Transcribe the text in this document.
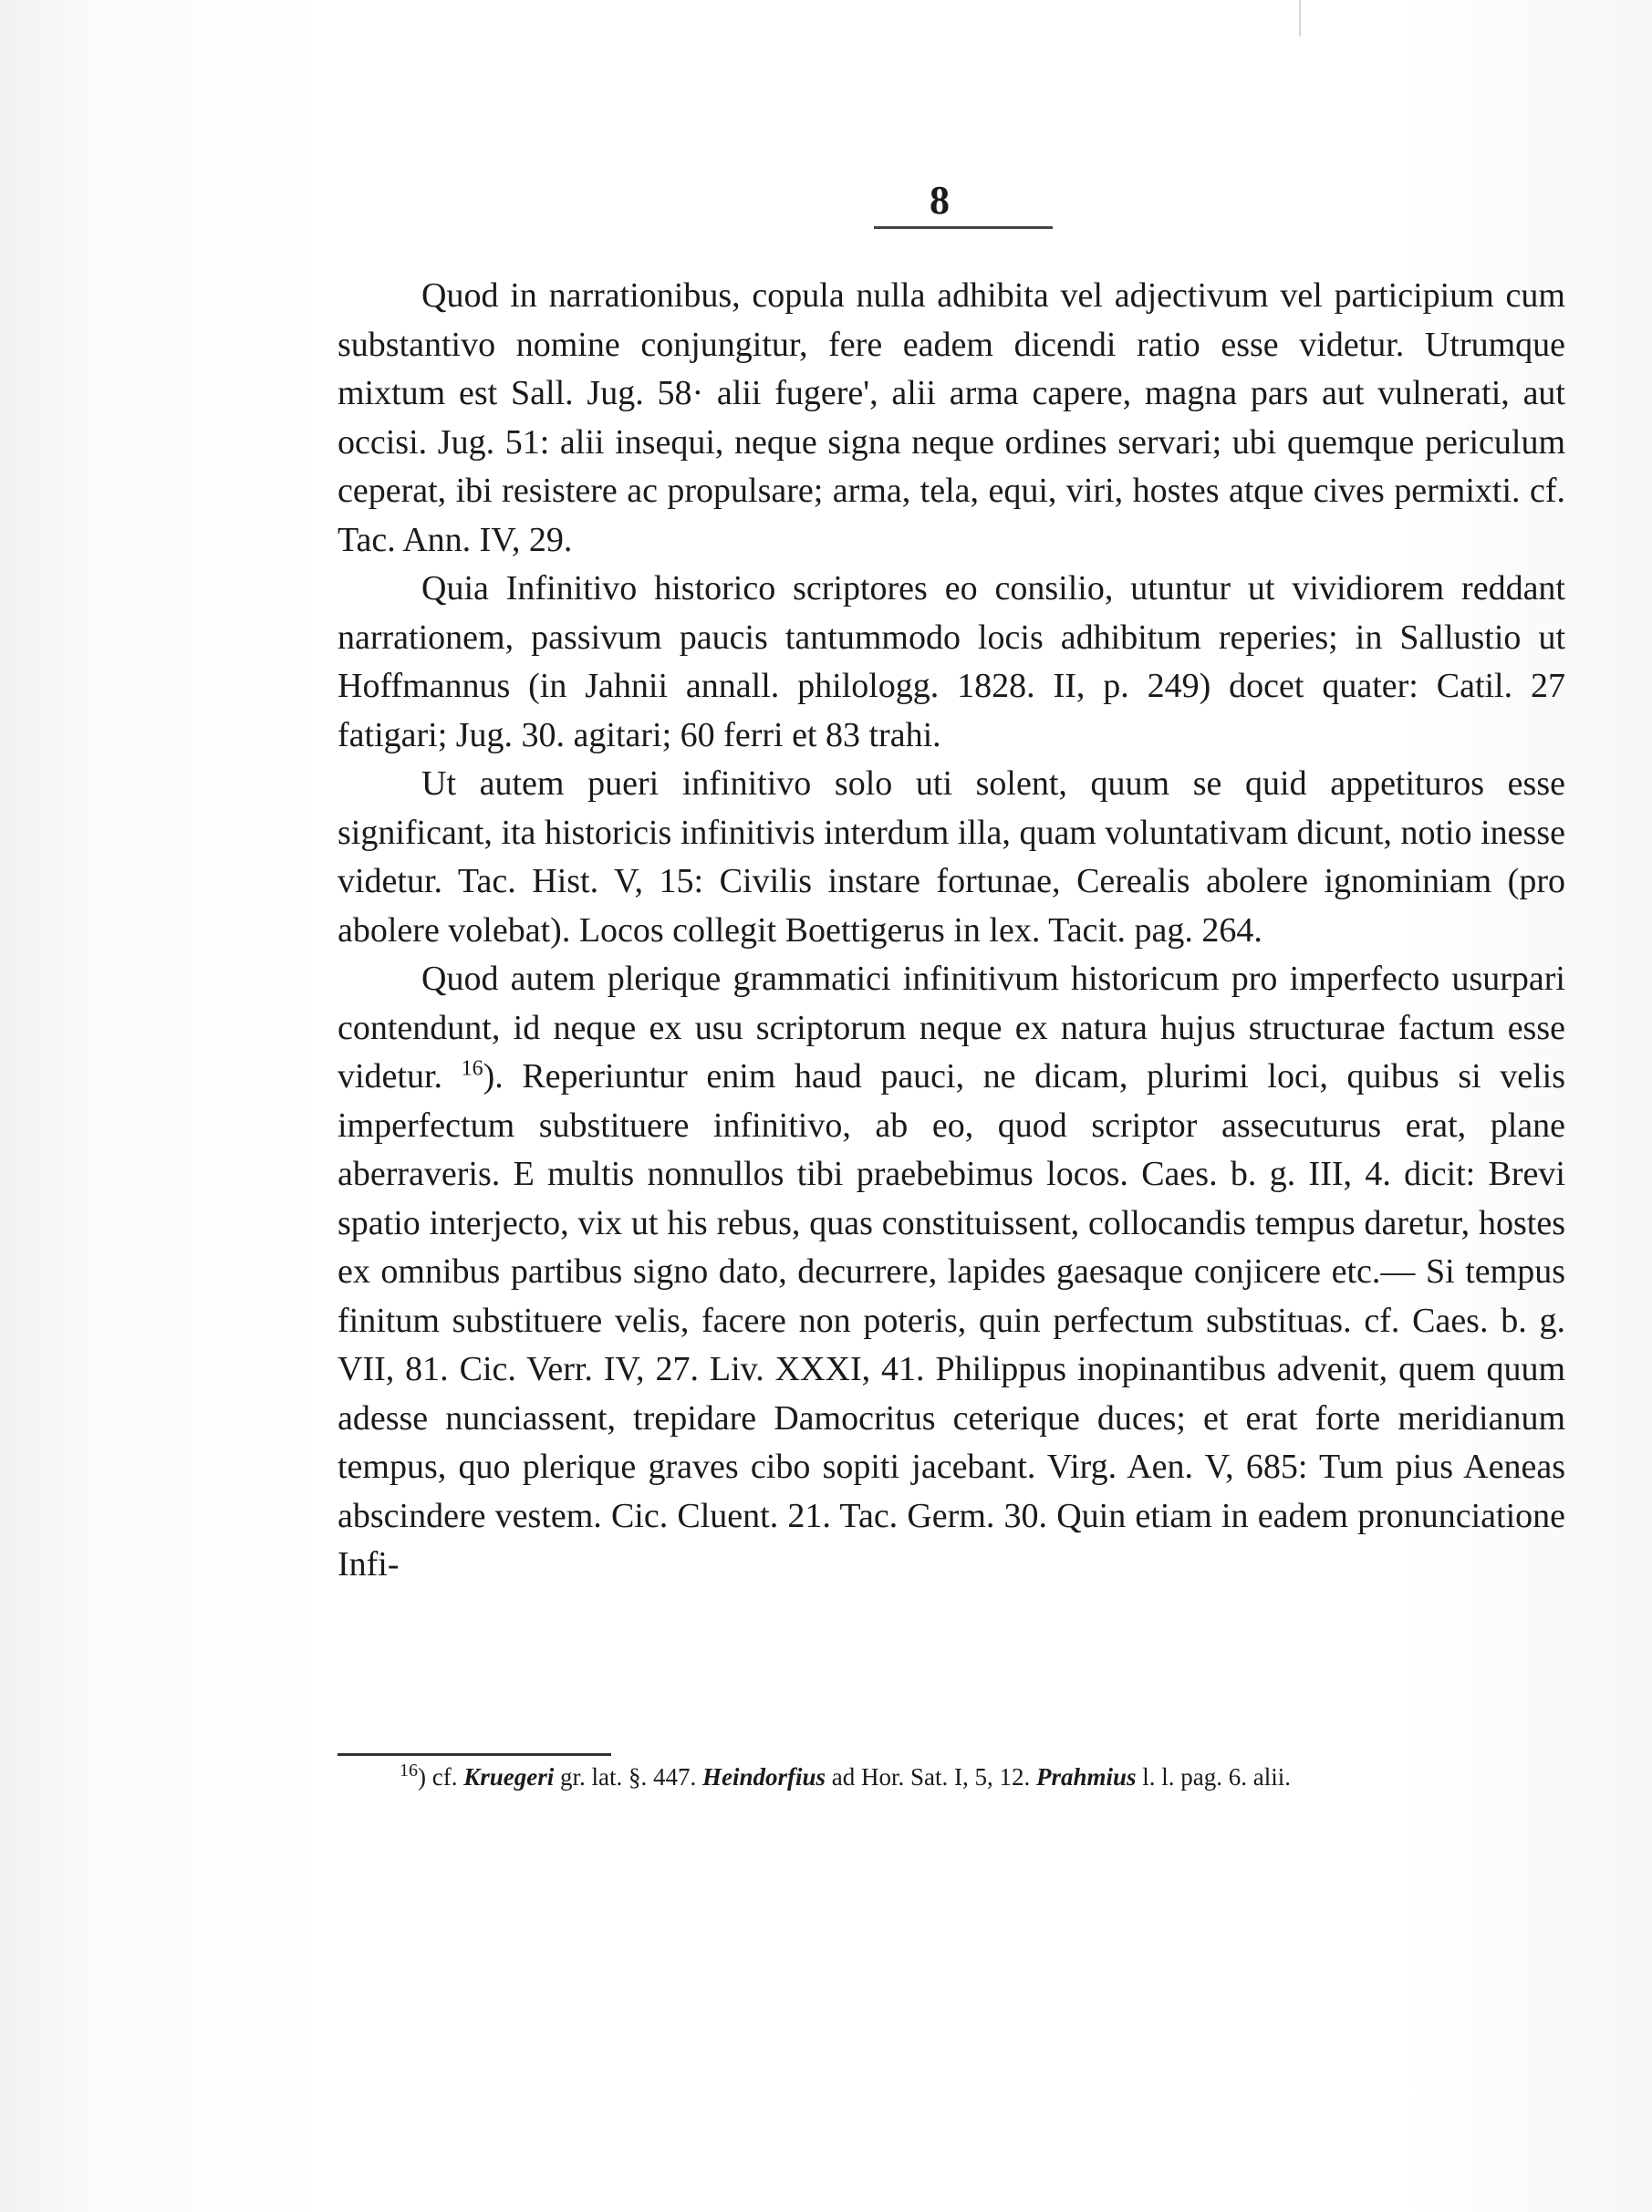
8

Quod in narrationibus, copula nulla adhibita vel adjectivum vel participium cum substantivo nomine conjungitur, fere eadem dicendi ratio esse videtur. Utrumque mixtum est Sall. Jug. 58· alii fugere', alii arma capere, magna pars aut vulnerati, aut occisi. Jug. 51: alii insequi, neque signa neque ordines servari; ubi quemque periculum ceperat, ibi resistere ac propulsare; arma, tela, equi, viri, hostes atque cives permixti. cf. Tac. Ann. IV, 29.

Quia Infinitivo historico scriptores eo consilio, utuntur ut vividiorem reddant narrationem, passivum paucis tantummodo locis adhibitum reperies; in Sallustio ut Hoffmannus (in Jahnii annall. philologg. 1828. II, p. 249) docet quater: Catil. 27 fatigari; Jug. 30. agitari; 60 ferri et 83 trahi.

Ut autem pueri infinitivo solo uti solent, quum se quid appetituros esse significant, ita historicis infinitivis interdum illa, quam voluntativam dicunt, notio inesse videtur. Tac. Hist. V, 15: Civilis instare fortunae, Cerealis abolere ignominiam (pro abolere volebat). Locos collegit Boettigerus in lex. Tacit. pag. 264.

Quod autem plerique grammatici infinitivum historicum pro imperfecto usurpari contendunt, id neque ex usu scriptorum neque ex natura hujus structurae factum esse videtur. $^{16}$). Reperiuntur enim haud pauci, ne dicam, plurimi loci, quibus si velis imperfectum substituere infinitivo, ab eo, quod scriptor assecuturus erat, plane aberraveris. E multis nonnullos tibi praebebimus locos. Caes. b. g. III, 4. dicit: Brevi spatio interjecto, vix ut his rebus, quas constituissent, collocandis tempus daretur, hostes ex omnibus partibus signo dato, decurrere, lapides gaesaque conjicere etc.— Si tempus finitum substituere velis, facere non poteris, quin perfectum substituas. cf. Caes. b. g. VII, 81. Cic. Verr. IV, 27. Liv. XXXI, 41. Philippus inopinantibus advenit, quem quum adesse nunciassent, trepidare Damocritus ceterique duces; et erat forte meridianum tempus, quo plerique graves cibo sopiti jacebant. Virg. Aen. V, 685: Tum pius Aeneas abscindere vestem. Cic. Cluent. 21. Tac. Germ. 30. Quin etiam in eadem pronunciatione Infi-

$^{16}$) cf. Kruegeri gr. lat. §. 447. Heindorfius ad Hor. Sat. I, 5, 12. Prahmius l. l. pag. 6. alii.
